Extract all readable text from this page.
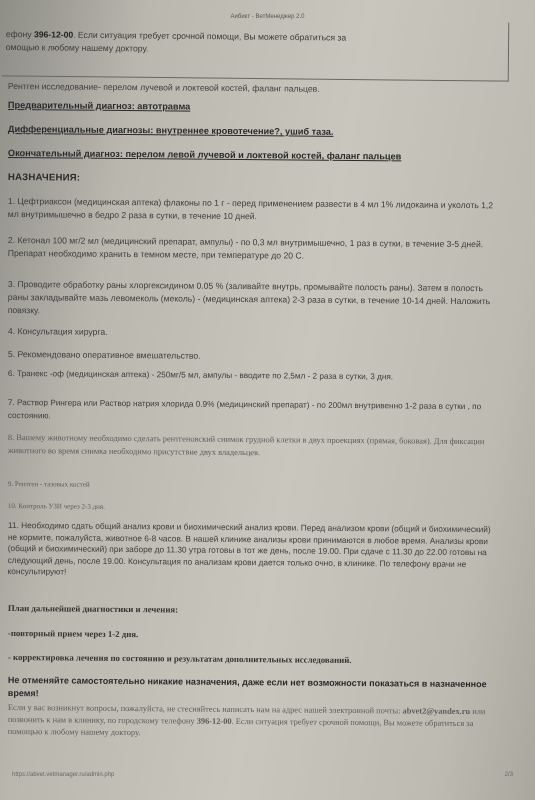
Aибикт - ВетМенеджер 2.0
ефону 396-12-00. Если ситуация требует срочной помощи, Вы можете обратиться за
омощью к любому нашему доктору.
Рентген исследование- перелом лучевой и локтевой костей, фаланг пальцев.
Предварительный диагноз: автотравма
Дифференциальные диагнозы: внутреннее кровотечение?, ушиб таза.
Окончательный диагноз: перелом левой лучевой и локтевой костей, фаланг пальцев
НАЗНАЧЕНИЯ:
1. Цефтриаксон (медицинская аптека) флаконы по 1 г - перед применением развести в 4 мл 1% лидокаина и уколоть 1,2 мл внутримышечно в бедро 2 раза в сутки, в течение 10 дней.
2. Кетонал 100 мг/2 мл (медицинский препарат, ампулы) - по 0,3 мл внутримышечно, 1 раз в сутки, в течение 3-5 дней. Препарат необходимо хранить в темном месте, при температуре до 20 С.
3. Проводите обработку раны хлоргексидином 0.05 % (заливайте внутрь, промывайте полость раны). Затем в полость раны закладывайте мазь левомеколь (меколь) - (медицинская аптека) 2-3 раза в сутки, в течение 10-14 дней. Наложить повязку.
4. Консультация хирурга.
5. Рекомендовано оперативное вмешательство.
6. Транекс -оф (медицинская аптека) - 250мг/5 мл, ампулы - вводите по 2,5мл - 2 раза в сутки, 3 дня.
7. Раствор Рингера или Раствор натрия хлорида 0.9% (медицинский препарат) - по 200мл внутривенно 1-2 раза в сутки , по состоянию.
8. Вашему животному необходимо сделать рентгеновский снимок грудной клетки в двух проекциях (прямая, боковая). Для фиксации животного во время снимка необходимо присутствие двух владельцев.
9. Рентген - тазовых костей
10. Контроль УЗИ через 2-3 дня.
11. Необходимо сдать общий анализ крови и биохимический анализ крови. Перед анализом крови (общий и биохимический) не кормите, пожалуйста, животное 6-8 часов. В нашей клинике анализы крови принимаются в любое время. Анализы крови (общий и биохимический) при заборе до 11.30 утра готовы в тот же день, после 19.00. При сдаче с 11.30 до 22.00 готовы на следующий день, после 19.00. Консультация по анализам крови дается только очно, в клинике. По телефону врачи не консультируют!
План дальнейшей диагностики и лечения:
-повторный прием через 1-2 дня.
- корректировка лечения по состоянию и результатам дополнительных исследований.
Не отменяйте самостоятельно никакие назначения, даже если нет возможности показаться в назначенное время!
Если у вас возникнут вопросы, пожалуйста, не стесняйтесь написать нам на адрес нашей электронной почты: abvet2@yandex.ru или позвонить к нам в клинику, по городскому телефону 396-12-00. Если ситуация требует срочной помощи, Вы можете обратиться за помощью к любому нашему доктору.
https://abvet.vetmanager.ru/admin.php	2/3
